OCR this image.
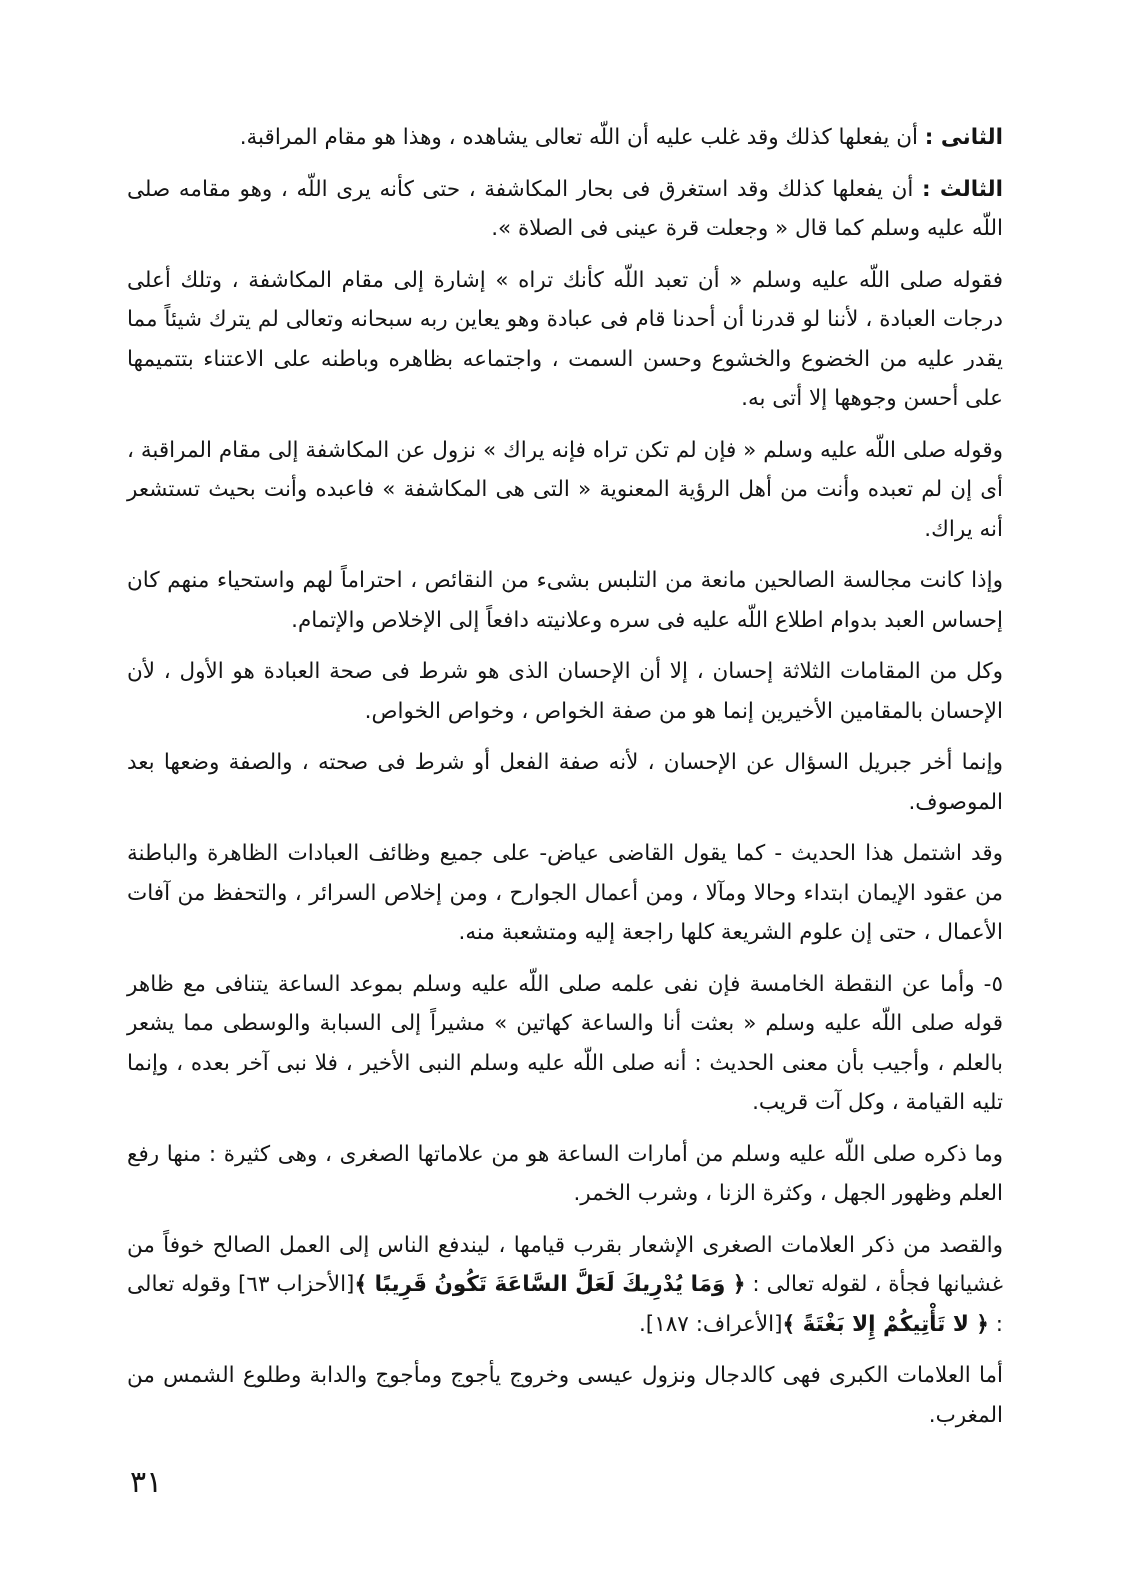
الثانى : أن يفعلها كذلك وقد غلب عليه أن اللّه تعالى يشاهده ، وهذا هو مقام المراقبة.

الثالث : أن يفعلها كذلك وقد استغرق فى بحار المكاشفة ، حتى كأنه يرى اللّه ، وهو مقامه صلى اللّه عليه وسلم كما قال « وجعلت قرة عينى فى الصلاة ».

فقوله صلى اللّه عليه وسلم « أن تعبد اللّه كأنك تراه » إشارة إلى مقام المكاشفة ، وتلك أعلى درجات العبادة ، لأننا لو قدرنا أن أحدنا قام فى عبادة وهو يعاين ربه سبحانه وتعالى لم يترك شيئاً مما يقدر عليه من الخضوع والخشوع وحسن السمت ، واجتماعه بظاهره وباطنه على الاعتناء بتتميمها على أحسن وجوهها إلا أتى به.

وقوله صلى اللّه عليه وسلم « فإن لم تكن تراه فإنه يراك » نزول عن المكاشفة إلى مقام المراقبة ، أى إن لم تعبده وأنت من أهل الرؤية المعنوية « التى هى المكاشفة » فاعبده وأنت بحيث تستشعر أنه يراك.

وإذا كانت مجالسة الصالحين مانعة من التلبس بشىء من النقائص ، احتراماً لهم واستحياء منهم كان إحساس العبد بدوام اطلاع اللّه عليه فى سره وعلانيته دافعاً إلى الإخلاص والإتمام.

وكل من المقامات الثلاثة إحسان ، إلا أن الإحسان الذى هو شرط فى صحة العبادة هو الأول ، لأن الإحسان بالمقامين الأخيرين إنما هو من صفة الخواص ، وخواص الخواص.

وإنما أخر جبريل السؤال عن الإحسان ، لأنه صفة الفعل أو شرط فى صحته ، والصفة وضعها بعد الموصوف.

وقد اشتمل هذا الحديث - كما يقول القاضى عياض- على جميع وظائف العبادات الظاهرة والباطنة من عقود الإيمان ابتداء وحالا ومآلا ، ومن أعمال الجوارح ، ومن إخلاص السرائر ، والتحفظ من آفات الأعمال ، حتى إن علوم الشريعة كلها راجعة إليه ومتشعبة منه.

٥- وأما عن النقطة الخامسة فإن نفى علمه صلى اللّه عليه وسلم بموعد الساعة يتنافى مع ظاهر قوله صلى اللّه عليه وسلم « بعثت أنا والساعة كهاتين » مشيراً إلى السبابة والوسطى مما يشعر بالعلم ، وأجيب بأن معنى الحديث : أنه صلى اللّه عليه وسلم النبى الأخير ، فلا نبى آخر بعده ، وإنما تليه القيامة ، وكل آت قريب.

وما ذكره صلى اللّه عليه وسلم من أمارات الساعة هو من علاماتها الصغرى ، وهى كثيرة : منها رفع العلم وظهور الجهل ، وكثرة الزنا ، وشرب الخمر.

والقصد من ذكر العلامات الصغرى الإشعار بقرب قيامها ، ليندفع الناس إلى العمل الصالح خوفاً من غشيانها فجأة ، لقوله تعالى : ﴿ وَمَا يُدْرِيكَ لَعَلَّ السَّاعَةَ تَكُونُ قَرِيبًا ﴾[الأحزاب ٦٣] وقوله تعالى : ﴿ لا تَأْتِيكُمْ إِلا بَغْتَةً ﴾[الأعراف: ١٨٧].

أما العلامات الكبرى فهى كالدجال ونزول عيسى وخروج يأجوج ومأجوج والدابة وطلوع الشمس من المغرب.

٣١
